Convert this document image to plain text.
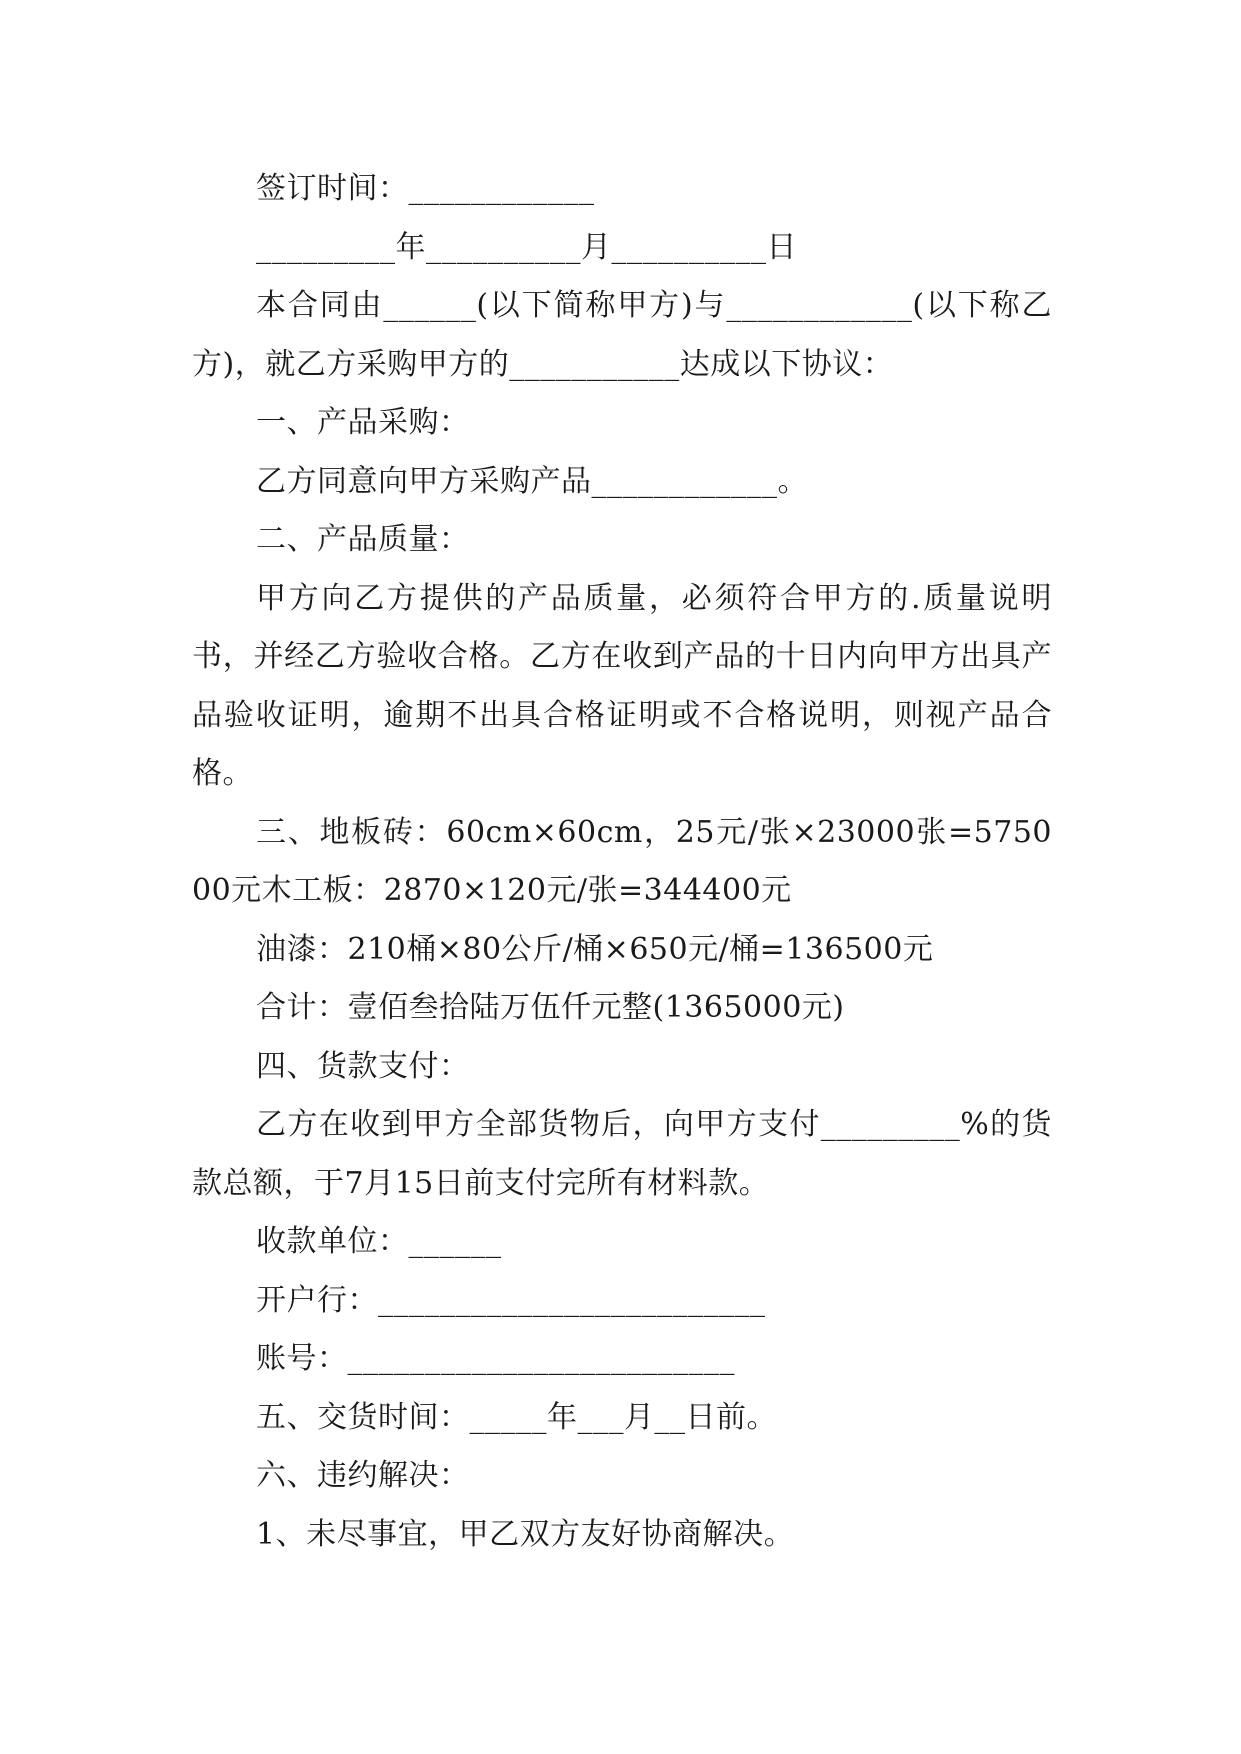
签订时间：____________

_________年__________月__________日

本合同由______(以下简称甲方)与____________(以下称乙方)，就乙方采购甲方的___________达成以下协议：

一、产品采购：

乙方同意向甲方采购产品____________。

二、产品质量：

甲方向乙方提供的产品质量，必须符合甲方的.质量说明书，并经乙方验收合格。乙方在收到产品的十日内向甲方出具产品验收证明，逾期不出具合格证明或不合格说明，则视产品合格。

三、地板砖：60cm×60cm，25元/张×23000张=575000元木工板：2870×120元/张=344400元

油漆：210桶×80公斤/桶×650元/桶=136500元

合计：壹佰叁拾陆万伍仟元整(1365000元)

四、货款支付：

乙方在收到甲方全部货物后，向甲方支付_________%的货款总额，于7月15日前支付完所有材料款。

收款单位：______

开户行：_________________________

账号：_________________________

五、交货时间：_____年___月__日前。

六、违约解决：

1、未尽事宜，甲乙双方友好协商解决。
